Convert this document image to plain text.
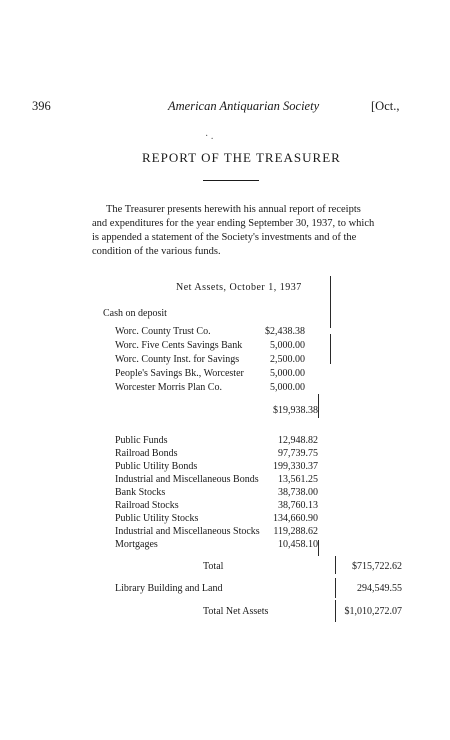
396	American Antiquarian Society	[Oct.,
· .
REPORT OF THE TREASURER
The Treasurer presents herewith his annual report of receipts
and expenditures for the year ending September 30, 1937, to which
is appended a statement of the Society's investments and of the
condition of the various funds.
Net Assets, October 1, 1937
Cash on deposit
Worc. County Trust Co.	$2,438.38
Worc. Five Cents Savings Bank	5,000.00
Worc. County Inst. for Savings	2,500.00
People's Savings Bk., Worcester	5,000.00
Worcester Morris Plan Co.	5,000.00
$19,938.38
Public Funds	12,948.82
Railroad Bonds	97,739.75
Public Utility Bonds	199,330.37
Industrial and Miscellaneous Bonds	13,561.25
Bank Stocks	38,738.00
Railroad Stocks	38,760.13
Public Utility Stocks	134,660.90
Industrial and Miscellaneous Stocks	119,288.62
Mortgages	10,458.10
Total	$715,722.62
Library Building and Land	294,549.55
Total Net Assets	$1,010,272.07
